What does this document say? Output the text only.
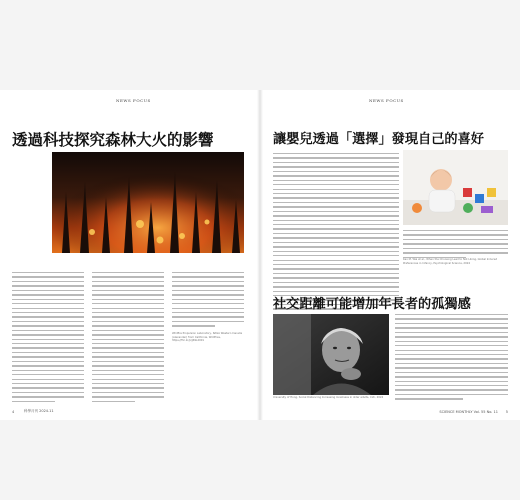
NEWS FOCUS
透過科技探究森林大火的影響
Wildfire Propulsion Laboratory, NASA Western Canada (Alexander) from California, Wildfires, https://flic.kr/p/jR9L2001
4	科學月刊 2024.11
NEWS FOCUS
讓嬰兒透過「選擇」發現自己的喜好
Kao M. Wai et al., When the Choosing Lead to Not Liking, Global Induced Preferences in Infancy, Psychological Science, 2024
社交距離可能增加年長者的孤獨感
University of Hong, Social Distancing Increasing loneliness in older adults, Cidi, 2024
SCIENCE MONTHLY Vol. 55 No. 11 5
